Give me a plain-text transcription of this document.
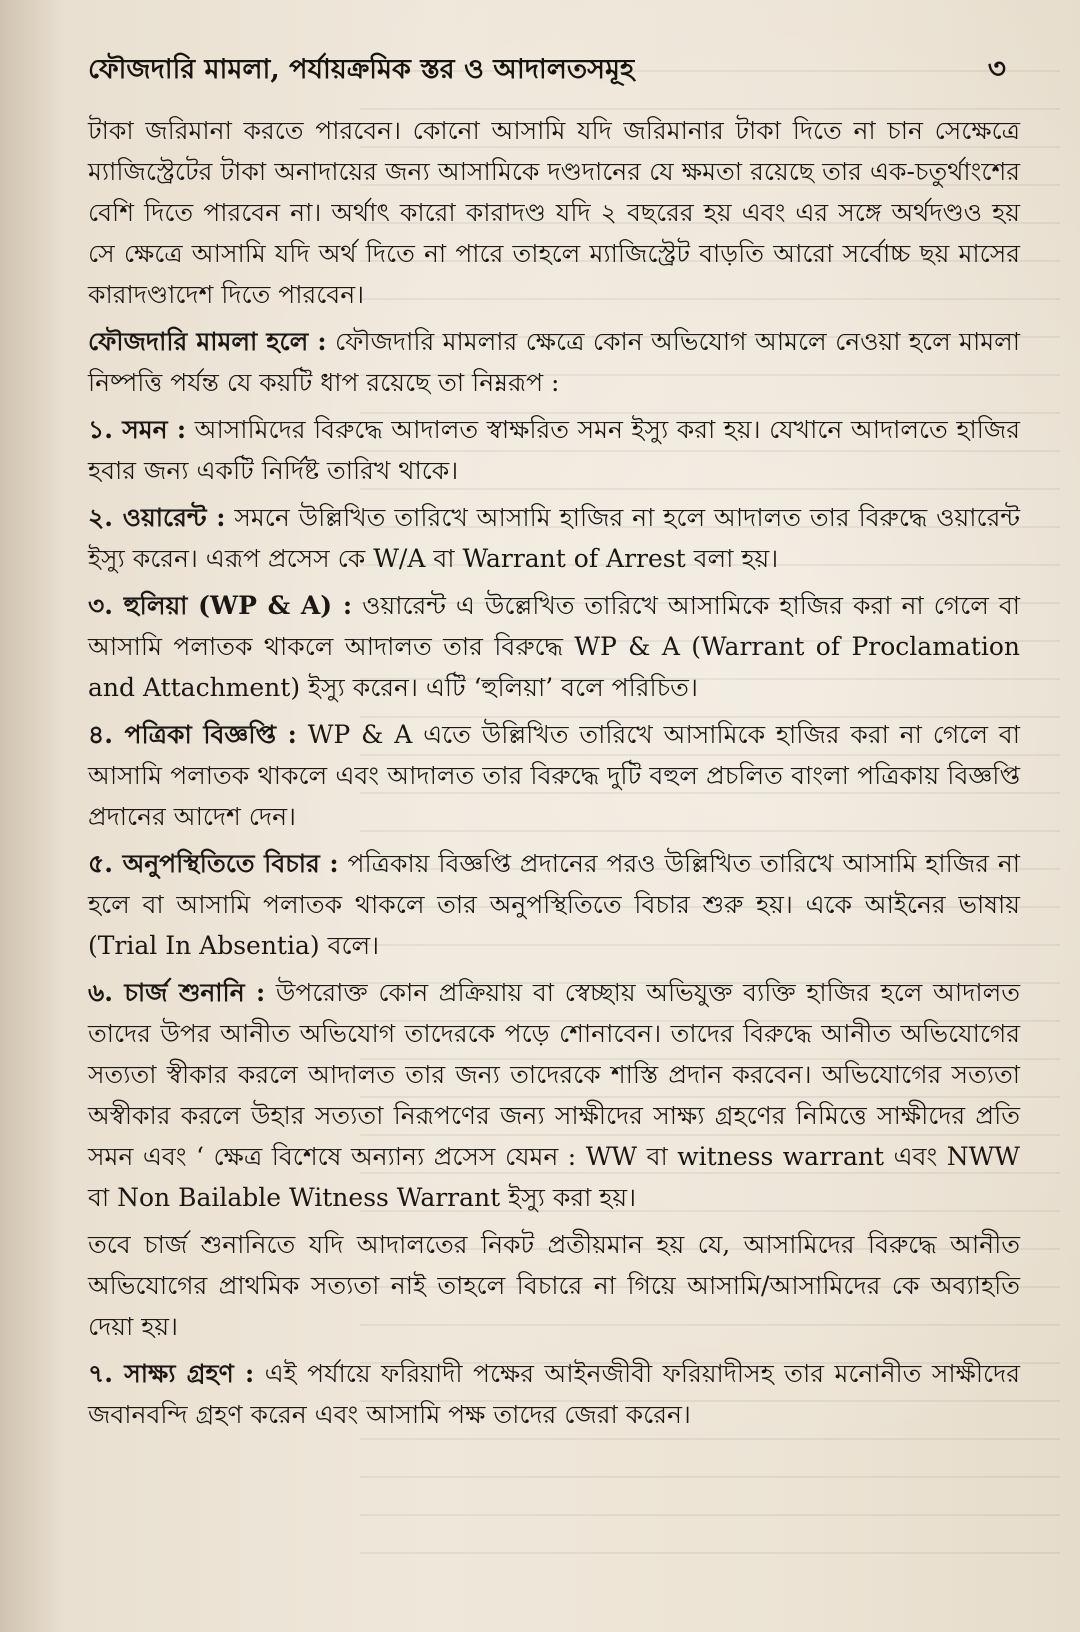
ফৌজদারি মামলা, পর্যায়ক্রমিক স্তর ও আদালতসমূহ	৩

টাকা জরিমানা করতে পারবেন। কোনো আসামি যদি জরিমানার টাকা দিতে না চান সেক্ষেত্রে ম্যাজিস্ট্রেটের টাকা অনাদায়ের জন্য আসামিকে দণ্ডদানের যে ক্ষমতা রয়েছে তার এক-চতুর্থাংশের বেশি দিতে পারবেন না। অর্থাৎ কারো কারাদণ্ড যদি ২ বছরের হয় এবং এর সঙ্গে অর্থদণ্ডও হয় সে ক্ষেত্রে আসামি যদি অর্থ দিতে না পারে তাহলে ম্যাজিস্ট্রেট বাড়তি আরো সর্বোচ্চ ছয় মাসের কারাদণ্ডাদেশ দিতে পারবেন।

ফৌজদারি মামলা হলে : ফৌজদারি মামলার ক্ষেত্রে কোন অভিযোগ আমলে নেওয়া হলে মামলা নিষ্পত্তি পর্যন্ত যে কয়টি ধাপ রয়েছে তা নিম্নরূপ :

১. সমন : আসামিদের বিরুদ্ধে আদালত স্বাক্ষরিত সমন ইস্যু করা হয়। যেখানে আদালতে হাজির হবার জন্য একটি নির্দিষ্ট তারিখ থাকে।

২. ওয়ারেন্ট : সমনে উল্লিখিত তারিখে আসামি হাজির না হলে আদালত তার বিরুদ্ধে ওয়ারেন্ট ইস্যু করেন। এরূপ প্রসেস কে W/A বা Warrant of Arrest বলা হয়।

৩. হুলিয়া (WP & A) : ওয়ারেন্ট এ উল্লেখিত তারিখে আসামিকে হাজির করা না গেলে বা আসামি পলাতক থাকলে আদালত তার বিরুদ্ধে WP & A (Warrant of Proclamation and Attachment) ইস্যু করেন। এটি ‘হুলিয়া’ বলে পরিচিত।

৪. পত্রিকা বিজ্ঞপ্তি : WP & A এতে উল্লিখিত তারিখে আসামিকে হাজির করা না গেলে বা আসামি পলাতক থাকলে এবং আদালত তার বিরুদ্ধে দুটি বহুল প্রচলিত বাংলা পত্রিকায় বিজ্ঞপ্তি প্রদানের আদেশ দেন।

৫. অনুপস্থিতিতে বিচার : পত্রিকায় বিজ্ঞপ্তি প্রদানের পরও উল্লিখিত তারিখে আসামি হাজির না হলে বা আসামি পলাতক থাকলে তার অনুপস্থিতিতে বিচার শুরু হয়। একে আইনের ভাষায় (Trial In Absentia) বলে।

৬. চার্জ শুনানি : উপরোক্ত কোন প্রক্রিয়ায় বা স্বেচ্ছায় অভিযুক্ত ব্যক্তি হাজির হলে আদালত তাদের উপর আনীত অভিযোগ তাদেরকে পড়ে শোনাবেন। তাদের বিরুদ্ধে আনীত অভিযোগের সত্যতা স্বীকার করলে আদালত তার জন্য তাদেরকে শাস্তি প্রদান করবেন। অভিযোগের সত্যতা অস্বীকার করলে উহার সত্যতা নিরূপণের জন্য সাক্ষীদের সাক্ষ্য গ্রহণের নিমিত্তে সাক্ষীদের প্রতি সমন এবং ‘ ক্ষেত্র বিশেষে অন্যান্য প্রসেস যেমন : WW বা witness warrant এবং NWW বা Non Bailable Witness Warrant ইস্যু করা হয়।

তবে চার্জ শুনানিতে যদি আদালতের নিকট প্রতীয়মান হয় যে, আসামিদের বিরুদ্ধে আনীত অভিযোগের প্রাথমিক সত্যতা নাই তাহলে বিচারে না গিয়ে আসামি/আসামিদের কে অব্যাহতি দেয়া হয়।

৭. সাক্ষ্য গ্রহণ : এই পর্যায়ে ফরিয়াদী পক্ষের আইনজীবী ফরিয়াদীসহ তার মনোনীত সাক্ষীদের জবানবন্দি গ্রহণ করেন এবং আসামি পক্ষ তাদের জেরা করেন।
